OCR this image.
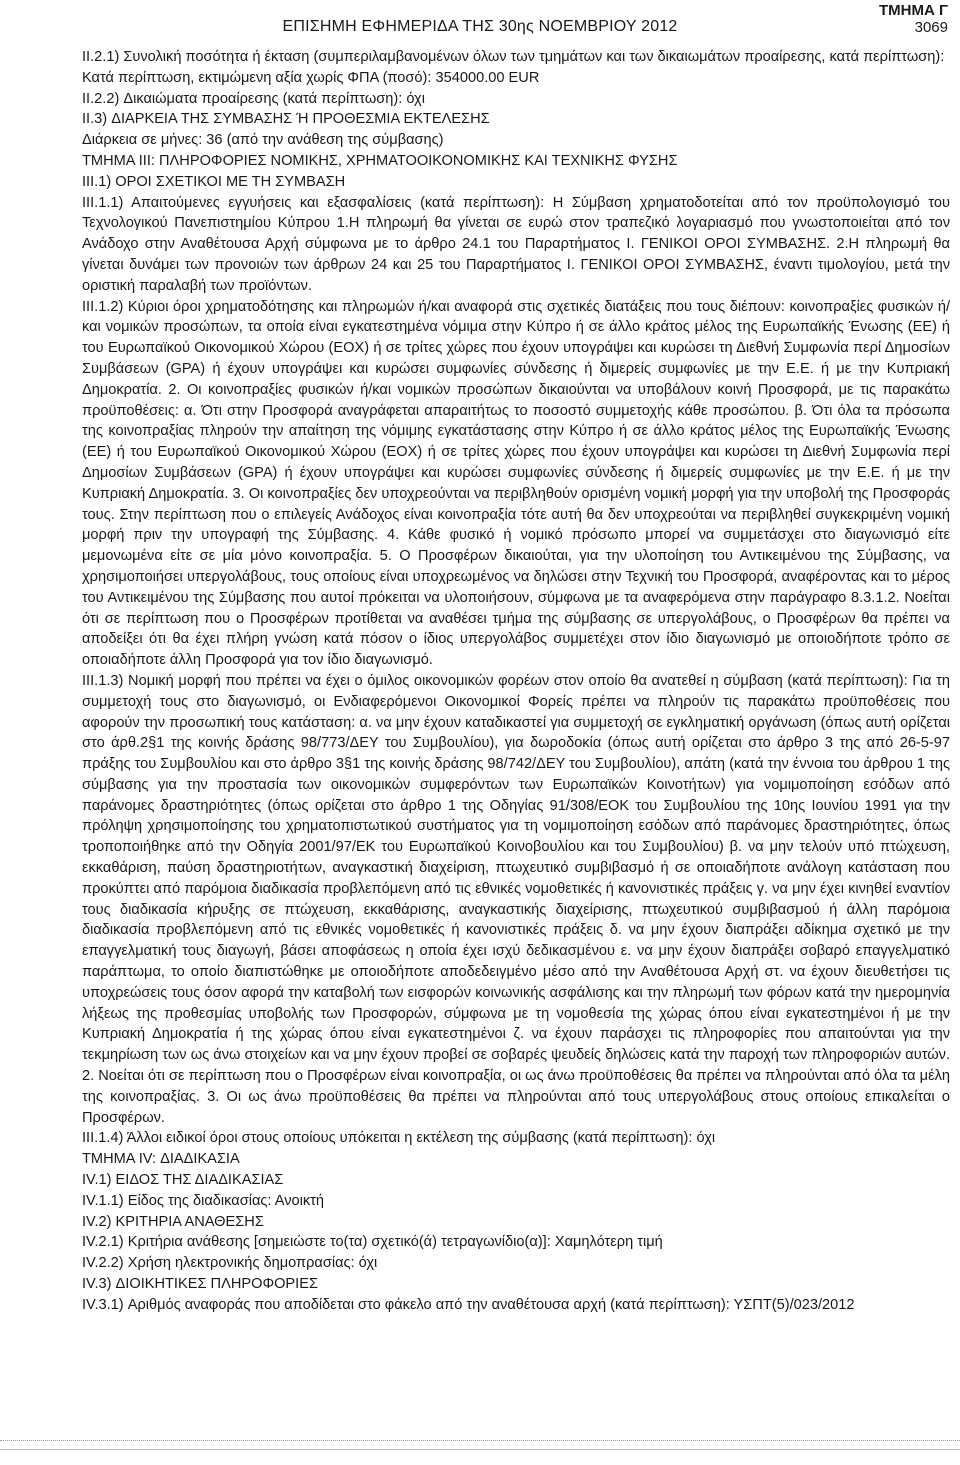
ΕΠΙΣΗΜΗ ΕΦΗΜΕΡΙΔΑ ΤΗΣ 30ης ΝΟΕΜΒΡΙΟΥ 2012
ΤΜΗΜΑ Γ
3069

II.2.1) Συνολική ποσότητα ή έκταση (συμπεριλαμβανομένων όλων των τμημάτων και των δικαιωμάτων προαίρεσης, κατά περίπτωση):

Κατά περίπτωση, εκτιμώμενη αξία χωρίς ΦΠΑ (ποσό): 354000.00 EUR

II.2.2) Δικαιώματα προαίρεσης (κατά περίπτωση): όχι

II.3) ΔΙΑΡΚΕΙΑ ΤΗΣ ΣΥΜΒΑΣΗΣ Ή ΠΡΟΘΕΣΜΙΑ ΕΚΤΕΛΕΣΗΣ

Διάρκεια σε μήνες: 36 (από την ανάθεση της σύμβασης)

ΤΜΗΜΑ ΙΙΙ: ΠΛΗΡΟΦΟΡΙΕΣ ΝΟΜΙΚΗΣ, ΧΡΗΜΑΤΟΟΙΚΟΝΟΜΙΚΗΣ ΚΑΙ ΤΕΧΝΙΚΗΣ ΦΥΣΗΣ

ΙΙΙ.1) ΟΡΟΙ ΣΧΕΤΙΚΟΙ ΜΕ ΤΗ ΣΥΜΒΑΣΗ

ΙΙΙ.1.1) Απαιτούμενες εγγυήσεις και εξασφαλίσεις (κατά περίπτωση): Η Σύμβαση χρηματοδοτείται από τον προϋπολογισμό του Τεχνολογικού Πανεπιστημίου Κύπρου 1.Η πληρωμή θα γίνεται σε ευρώ στον τραπεζικό λογαριασμό που γνωστοποιείται από τον Ανάδοχο στην Αναθέτουσα Αρχή σύμφωνα με το άρθρο 24.1 του Παραρτήματος Ι. ΓΕΝΙΚΟΙ ΟΡΟΙ ΣΥΜΒΑΣΗΣ. 2.Η πληρωμή θα γίνεται δυνάμει των προνοιών των άρθρων 24 και 25 του Παραρτήματος Ι. ΓΕΝΙΚΟΙ ΟΡΟΙ ΣΥΜΒΑΣΗΣ, έναντι τιμολογίου, μετά την οριστική παραλαβή των προϊόντων.

ΙΙΙ.1.2) Κύριοι όροι χρηματοδότησης και πληρωμών ή/και αναφορά στις σχετικές διατάξεις που τους διέπουν: κοινοπραξίες φυσικών ή/και νομικών προσώπων, τα οποία είναι εγκατεστημένα νόμιμα στην Κύπρο ή σε άλλο κράτος μέλος της Ευρωπαϊκής Ένωσης (ΕΕ) ή του Ευρωπαϊκού Οικονομικού Χώρου (ΕΟΧ) ή σε τρίτες χώρες που έχουν υπογράψει και κυρώσει τη Διεθνή Συμφωνία περί Δημοσίων Συμβάσεων (GPA) ή έχουν υπογράψει και κυρώσει συμφωνίες σύνδεσης ή διμερείς συμφωνίες με την Ε.Ε. ή με την Κυπριακή Δημοκρατία. 2. Οι κοινοπραξίες φυσικών ή/και νομικών προσώπων δικαιούνται να υποβάλουν κοινή Προσφορά, με τις παρακάτω προϋποθέσεις: α. Ότι στην Προσφορά αναγράφεται απαραιτήτως το ποσοστό συμμετοχής κάθε προσώπου. β. Ότι όλα τα πρόσωπα της κοινοπραξίας πληρούν την απαίτηση της νόμιμης εγκατάστασης στην Κύπρο ή σε άλλο κράτος μέλος της Ευρωπαϊκής Ένωσης (ΕΕ) ή του Ευρωπαϊκού Οικονομικού Χώρου (ΕΟΧ) ή σε τρίτες χώρες που έχουν υπογράψει και κυρώσει τη Διεθνή Συμφωνία περί Δημοσίων Συμβάσεων (GPA) ή έχουν υπογράψει και κυρώσει συμφωνίες σύνδεσης ή διμερείς συμφωνίες με την Ε.Ε. ή με την Κυπριακή Δημοκρατία. 3. Οι κοινοπραξίες δεν υποχρεούνται να περιβληθούν ορισμένη νομική μορφή για την υποβολή της Προσφοράς τους. Στην περίπτωση που ο επιλεγείς Ανάδοχος είναι κοινοπραξία τότε αυτή θα δεν υποχρεούται να περιβληθεί συγκεκριμένη νομική μορφή πριν την υπογραφή της Σύμβασης. 4. Κάθε φυσικό ή νομικό πρόσωπο μπορεί να συμμετάσχει στο διαγωνισμό είτε μεμονωμένα είτε σε μία μόνο κοινοπραξία. 5. Ο Προσφέρων δικαιούται, για την υλοποίηση του Αντικειμένου της Σύμβασης, να χρησιμοποιήσει υπεργολάβους, τους οποίους είναι υποχρεωμένος να δηλώσει στην Τεχνική του Προσφορά, αναφέροντας και το μέρος του Αντικειμένου της Σύμβασης που αυτοί πρόκειται να υλοποιήσουν, σύμφωνα με τα αναφερόμενα στην παράγραφο 8.3.1.2. Νοείται ότι σε περίπτωση που ο Προσφέρων προτίθεται να αναθέσει τμήμα της σύμβασης σε υπεργολάβους, ο Προσφέρων θα πρέπει να αποδείξει ότι θα έχει πλήρη γνώση κατά πόσον ο ίδιος υπεργολάβος συμμετέχει στον ίδιο διαγωνισμό με οποιοδήποτε τρόπο σε οποιαδήποτε άλλη Προσφορά για τον ίδιο διαγωνισμό.

ΙΙΙ.1.3) Νομική μορφή που πρέπει να έχει ο όμιλος οικονομικών φορέων στον οποίο θα ανατεθεί η σύμβαση (κατά περίπτωση): Για τη συμμετοχή τους στο διαγωνισμό, οι Ενδιαφερόμενοι Οικονομικοί Φορείς πρέπει να πληρούν τις παρακάτω προϋποθέσεις που αφορούν την προσωπική τους κατάσταση: α. να μην έχουν καταδικαστεί για συμμετοχή σε εγκληματική οργάνωση (όπως αυτή ορίζεται στο άρθ.2§1 της κοινής δράσης 98/773/ΔΕΥ του Συμβουλίου), για δωροδοκία (όπως αυτή ορίζεται στο άρθρο 3 της από 26-5-97 πράξης του Συμβουλίου και στο άρθρο 3§1 της κοινής δράσης 98/742/ΔΕΥ του Συμβουλίου), απάτη (κατά την έννοια του άρθρου 1 της σύμβασης για την προστασία των οικονομικών συμφερόντων των Ευρωπαϊκών Κοινοτήτων) για νομιμοποίηση εσόδων από παράνομες δραστηριότητες (όπως ορίζεται στο άρθρο 1 της Οδηγίας 91/308/ΕΟΚ του Συμβουλίου της 10ης Ιουνίου 1991 για την πρόληψη χρησιμοποίησης του χρηματοπιστωτικού συστήματος για τη νομιμοποίηση εσόδων από παράνομες δραστηριότητες, όπως τροποποιήθηκε από την Οδηγία 2001/97/ΕΚ του Ευρωπαϊκού Κοινοβουλίου και του Συμβουλίου) β. να μην τελούν υπό πτώχευση, εκκαθάριση, παύση δραστηριοτήτων, αναγκαστική διαχείριση, πτωχευτικό συμβιβασμό ή σε οποιαδήποτε ανάλογη κατάσταση που προκύπτει από παρόμοια διαδικασία προβλεπόμενη από τις εθνικές νομοθετικές ή κανονιστικές πράξεις γ. να μην έχει κινηθεί εναντίον τους διαδικασία κήρυξης σε πτώχευση, εκκαθάρισης, αναγκαστικής διαχείρισης, πτωχευτικού συμβιβασμού ή άλλη παρόμοια διαδικασία προβλεπόμενη από τις εθνικές νομοθετικές ή κανονιστικές πράξεις δ. να μην έχουν διαπράξει αδίκημα σχετικό με την επαγγελματική τους διαγωγή, βάσει αποφάσεως η οποία έχει ισχύ δεδικασμένου ε. να μην έχουν διαπράξει σοβαρό επαγγελματικό παράπτωμα, το οποίο διαπιστώθηκε με οποιοδήποτε αποδεδειγμένο μέσο από την Αναθέτουσα Αρχή στ. να έχουν διευθετήσει τις υποχρεώσεις τους όσον αφορά την καταβολή των εισφορών κοινωνικής ασφάλισης και την πληρωμή των φόρων κατά την ημερομηνία λήξεως της προθεσμίας υποβολής των Προσφορών, σύμφωνα με τη νομοθεσία της χώρας όπου είναι εγκατεστημένοι ή με την Κυπριακή Δημοκρατία ή της χώρας όπου είναι εγκατεστημένοι ζ. να έχουν παράσχει τις πληροφορίες που απαιτούνται για την τεκμηρίωση των ως άνω στοιχείων και να μην έχουν προβεί σε σοβαρές ψευδείς δηλώσεις κατά την παροχή των πληροφοριών αυτών. 2. Νοείται ότι σε περίπτωση που ο Προσφέρων είναι κοινοπραξία, οι ως άνω προϋποθέσεις θα πρέπει να πληρούνται από όλα τα μέλη της κοινοπραξίας. 3. Οι ως άνω προϋποθέσεις θα πρέπει να πληρούνται από τους υπεργολάβους στους οποίους επικαλείται ο Προσφέρων.

ΙΙΙ.1.4) Άλλοι ειδικοί όροι στους οποίους υπόκειται η εκτέλεση της σύμβασης (κατά περίπτωση): όχι

ΤΜΗΜΑ IV: ΔΙΑΔΙΚΑΣΙΑ

IV.1) ΕΙΔΟΣ ΤΗΣ ΔΙΑΔΙΚΑΣΙΑΣ

IV.1.1) Είδος της διαδικασίας: Ανοικτή

IV.2) ΚΡΙΤΗΡΙΑ ΑΝΑΘΕΣΗΣ

IV.2.1) Κριτήρια ανάθεσης [σημειώστε το(τα) σχετικό(ά) τετραγωνίδιο(α)]: Χαμηλότερη τιμή

IV.2.2) Χρήση ηλεκτρονικής δημοπρασίας: όχι

IV.3) ΔΙΟΙΚΗΤΙΚΕΣ ΠΛΗΡΟΦΟΡΙΕΣ

IV.3.1) Αριθμός αναφοράς που αποδίδεται στο φάκελο από την αναθέτουσα αρχή (κατά περίπτωση): ΥΣΠΤ(5)/023/2012
